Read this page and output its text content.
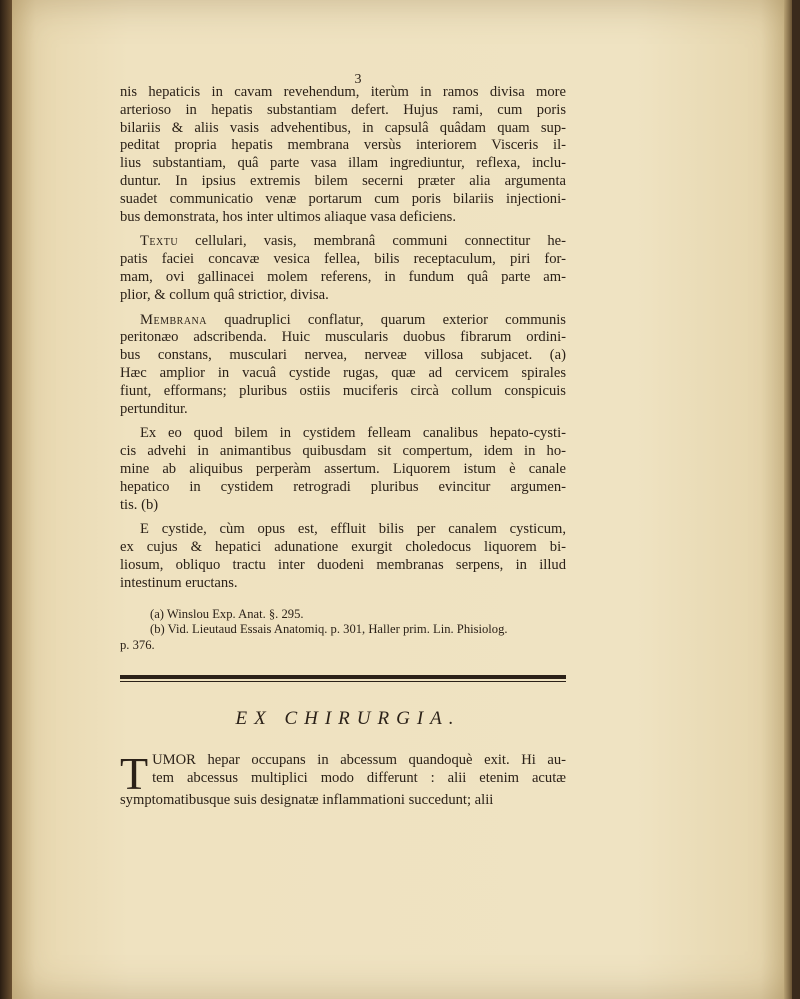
3
nis hepaticis in cavam revehendum, iterùm in ramos divisa more
arterioso in hepatis substantiam defert. Hujus rami, cum poris
bilariis & aliis vasis advehentibus, in capsulâ quâdam quam sup-
peditat propria hepatis membrana versùs interiorem Visceris il-
lius substantiam, quâ parte vasa illam ingrediuntur, reflexa, inclu-
duntur. In ipsius extremis bilem secerni præter alia argumenta
suadet communicatio venæ portarum cum poris bilariis injectioni-
bus demonstrata, hos inter ultimos aliaque vasa deficiens.
Textu cellulari, vasis, membranâ communi connectitur he-
patis faciei concavæ vesica fellea, bilis receptaculum, piri for-
mam, ovi gallinacei molem referens, in fundum quâ parte am-
plior, & collum quâ strictior, divisa.
Membrana quadruplici conflatur, quarum exterior communis
peritonæo adscribenda. Huic muscularis duobus fibrarum ordini-
bus constans, musculari nervea, nerveæ villosa subjacet. (a)
Hæc amplior in vacuâ cystide rugas, quæ ad cervicem spirales
fiunt, efformans; pluribus ostiis muciferis circà collum conspicuis
pertunditur.
Ex eo quod bilem in cystidem felleam canalibus hepato-cysti-
cis advehi in animantibus quibusdam sit compertum, idem in ho-
mine ab aliquibus perperàm assertum. Liquorem istum è canale
hepatico in cystidem retrogradi pluribus evincitur argumen-
tis. (b)
E cystide, cùm opus est, effluit bilis per canalem cysticum,
ex cujus & hepatici adunatione exurgit choledocus liquorem bi-
liosum, obliquo tractu inter duodeni membranas serpens, in illud
intestinum eructans.
(a) Winslou Exp. Anat. §. 295.
(b) Vid. Lieutaud Essais Anatomiq. p. 301, Haller prim. Lin. Phisiolog.
p. 376.
EX CHIRURGIA.
T UMOR hepar occupans in abcessum quandoquè exit. Hi au-
tem abcessus multiplici modo differunt : alii etenim acutæ
symptomatibusque suis designatæ inflammationi succedunt; alii
